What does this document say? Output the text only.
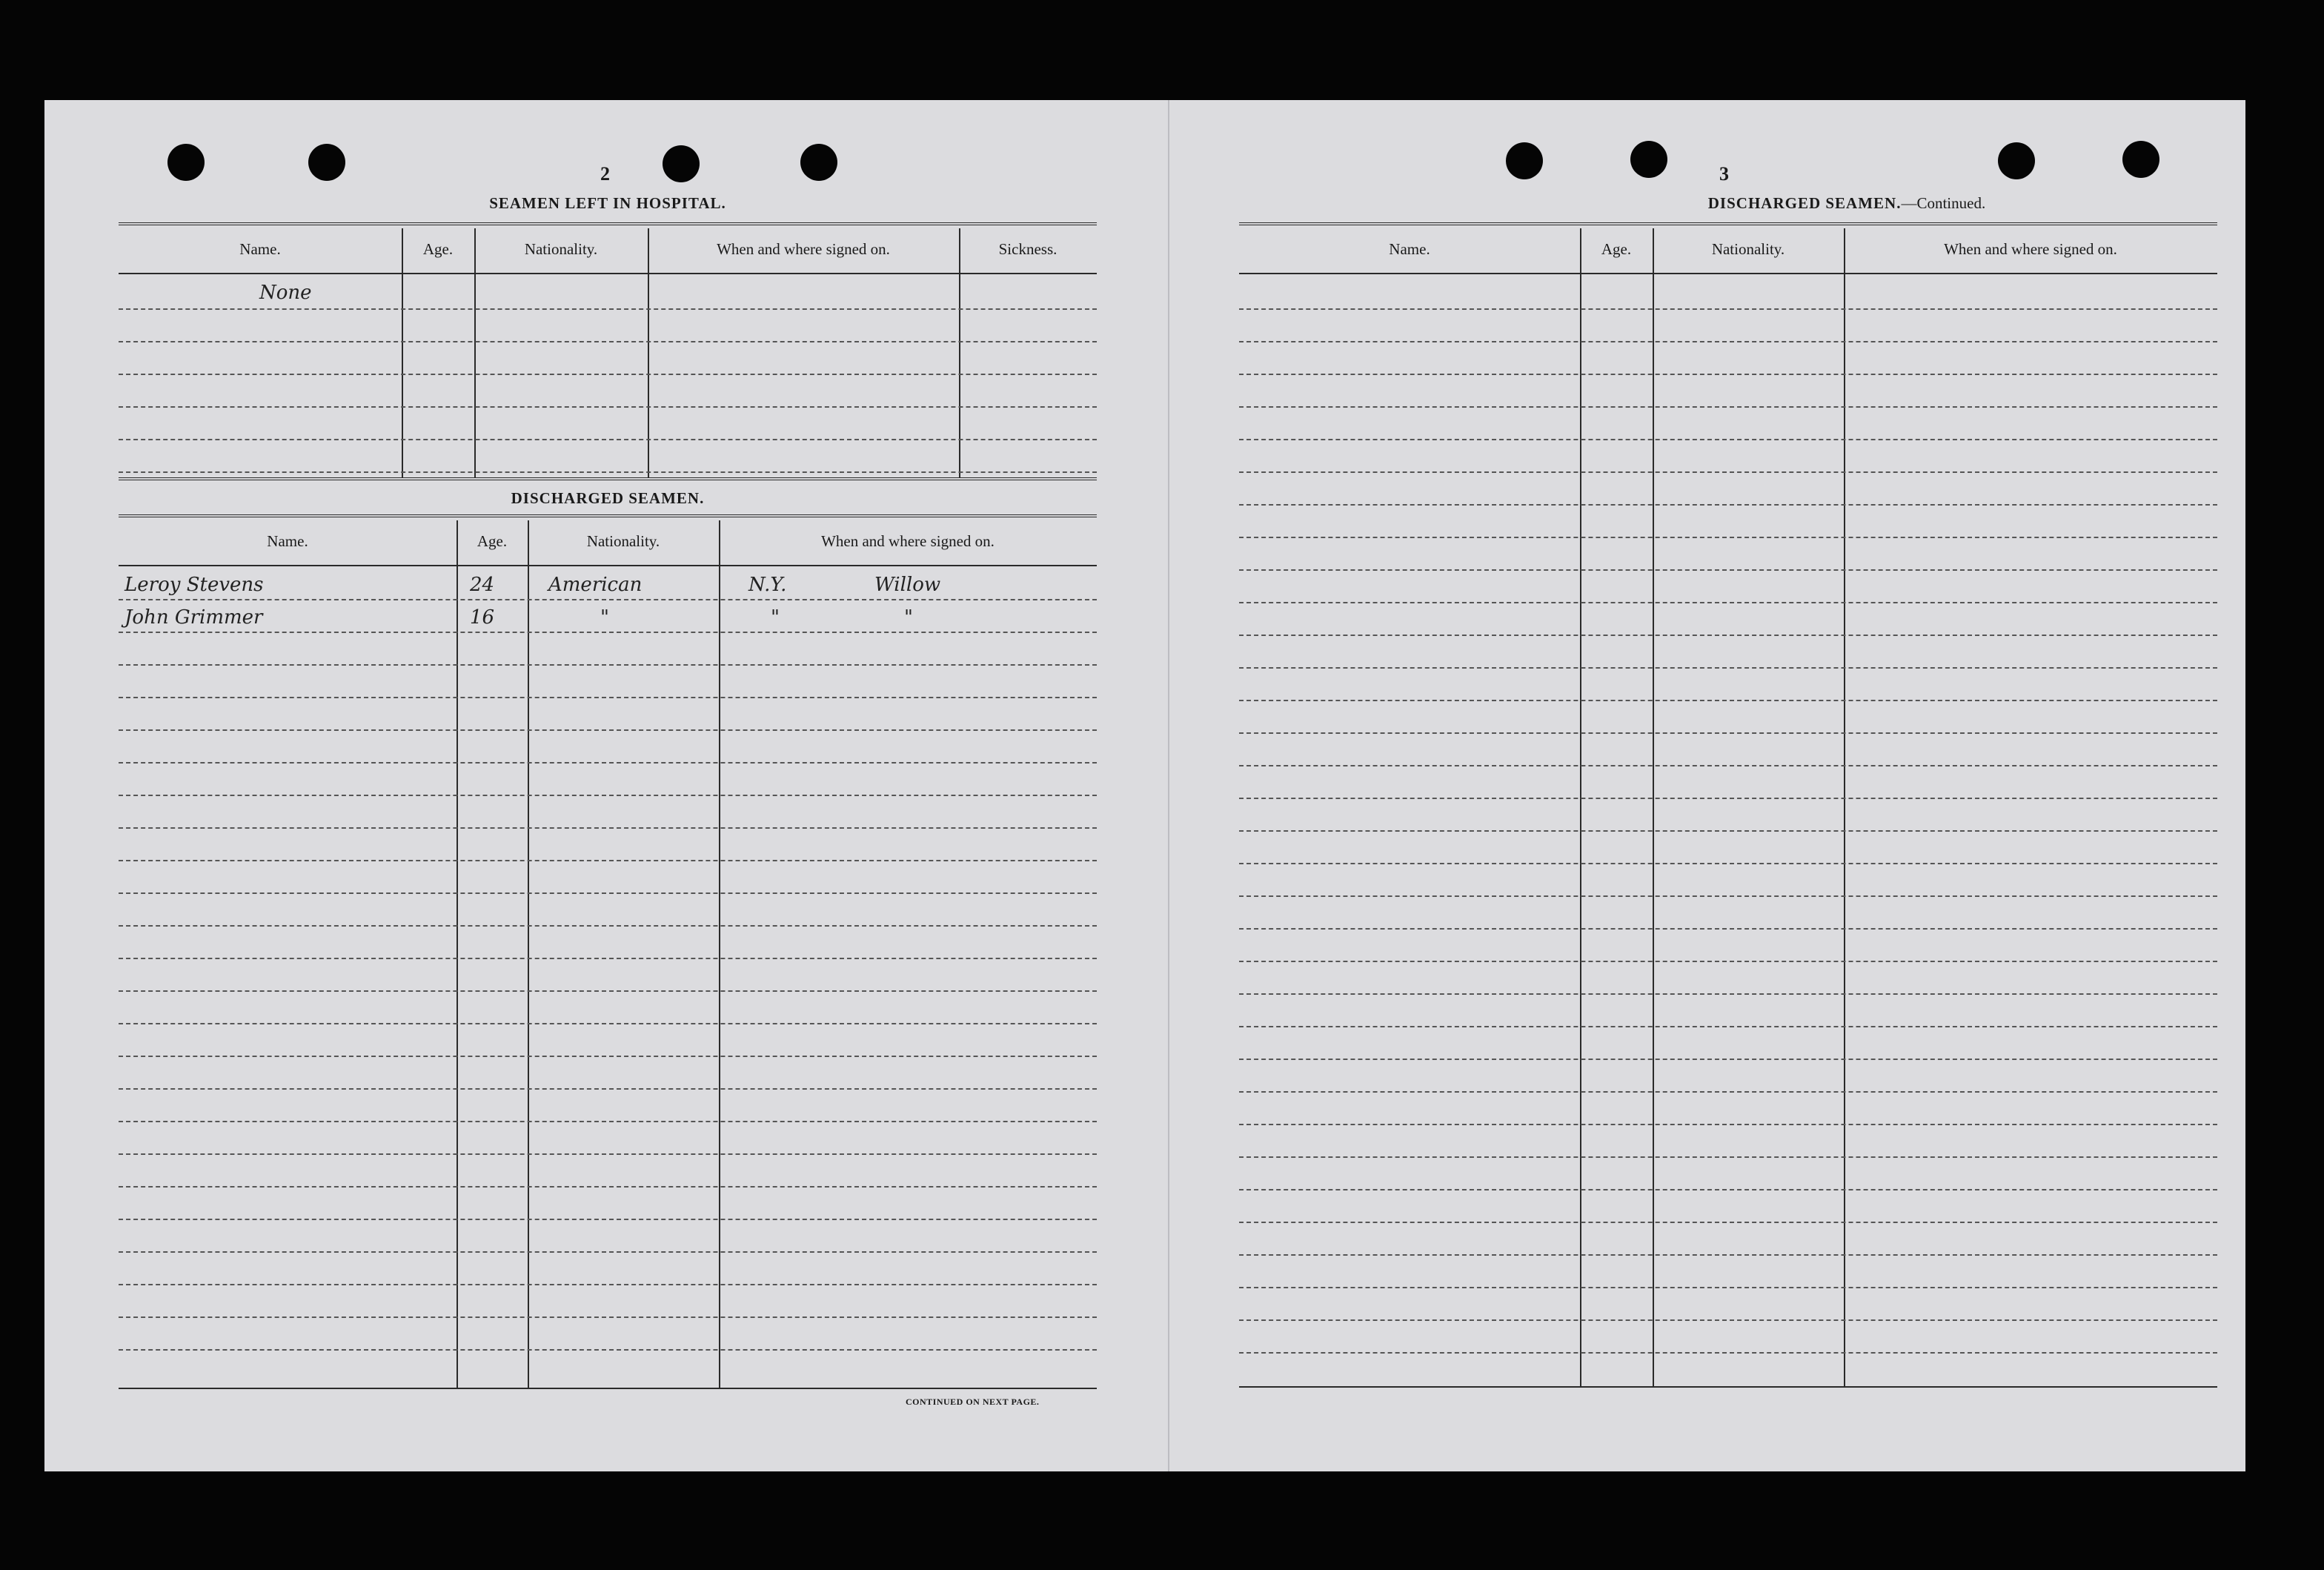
2
SEAMEN LEFT IN HOSPITAL.
Name.	Age.	Nationality.	When and where signed on.	Sickness.
None
DISCHARGED SEAMEN.
Name.	Age.	Nationality.	When and where signed on.
Leroy Stevens	24	American	N.Y.	Willow
John Grimmer	16	"	"	"
CONTINUED ON NEXT PAGE.
3
DISCHARGED SEAMEN.—Continued.
Name.	Age.	Nationality.	When and where signed on.
